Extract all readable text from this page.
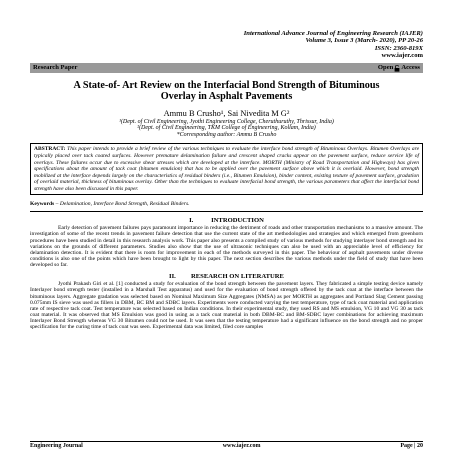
International Advance Journal of Engineering Research (IAJER)
Volume 3, Issue 3 (March- 2020), PP 20-26
ISSN: 2360-819X
www.iajer.com
Research Paper	Open Access
A State-of- Art Review on the Interfacial Bond Strength of Bituminous Overlay in Asphalt Pavements
Ammu B Crusho¹, Sai Nivedita M G²
¹(Dept. of Civil Engineering, Jyothi Engineering College, Cheruthuruthy, Thrissur, India)
²(Dept. of Civil Engineering, TKM College of Engineering, Kollam, India)
*Corresponding author: Ammu B Crusho
ABSTRACT: This paper intends to provide a brief review of the various techniques to evaluate the interface bond strength of Bituminous Overlays. Bitumen Overlays are typically placed over tack coated surfaces. However premature delamination failure and crescent shaped cracks appear on the pavement surface, reduce service life of overlays. These failures occur due to excessive shear stresses which are developed at the interface. MORTH (Ministry of Road Transportation and Highways) has given specifications about the amount of tack coat (bitumen emulsion) that has to be applied over the pavement surface above which it is overlaid. However, bond strength mobilized at the interface depends largely on the characteristics of residual binders (i.e., Bitumen Emulsion), binder content, existing texture of pavement surface, gradation of overlaid material, thickness of bituminous overlay. Other than the techniques to evaluate interfacial bond strength, the various parameters that affect the interfacial bond strength have also been discussed in this paper.
Keywords – Delamination, Interface Bond Strength, Residual Binders.
I.	INTRODUCTION
Early detection of pavement failures pays paramount importance in reducing the detriment of roads and other transportation mechanisms to a massive amount. The investigation of some of the recent trends in pavement failure detection that use the current state of the art methodologies and strategies and which emerged from greenhorn procedures have been studied in detail in this research analysis work. This paper also presents a compiled study of various methods for studying interlayer bond strength and its variations on the grounds of different parameters. Studies also show that the use of ultrasonic techniques can also be used with an appreciable level of efficiency for delamination detection. It is evident that there is room for improvement in each of the methods surveyed in this paper. The behaviour of asphalt pavements under diverse conditions is also one of the points which have been brought to light by this paper. The next section describes the various methods under the field of study that have been developed so far.
II. RESEARCH ON LITERATURE
Jyothi Prakash Giri et al. [1] conducted a study for evaluation of the bond strength between the pavement layers. They fabricated a simple testing device namely Interlayer bond strength tester (installed in a Marshall Test apparatus) and used for the evaluation of bond strength offered by the tack coat at the interface between the bituminous layers. Aggregate gradation was selected based on Nominal Maximum Size Aggregates (NMSA) as per MORTH as aggregates and Portland Slag Cement passing 0.075mm IS sieve was used as fillers in DBM, BC BM and SDBC layers. Experiments were conducted varying the test temperature, type of tack coat material and application rate of respective tack coat. Test temperature was selected based on Indian conditions. In their experimental study, they used RS and MS emulsion, VG 10 and VG 30 as tack coat material. It was observed that MS Emulsion was good in using as a tack coat material in both DBM-BC and BM-SDBC layer combinations for achieving maximum Interlayer Bond Strength whereas VG 30 Bitumen could not be used. It was seen that the testing temperature had a significant influence on the bond strength and no proper specification for the curing time of tack coat was seen. Experimental data was limited, filed core samples
Engineering Journal	www.iajer.com	Page | 20
